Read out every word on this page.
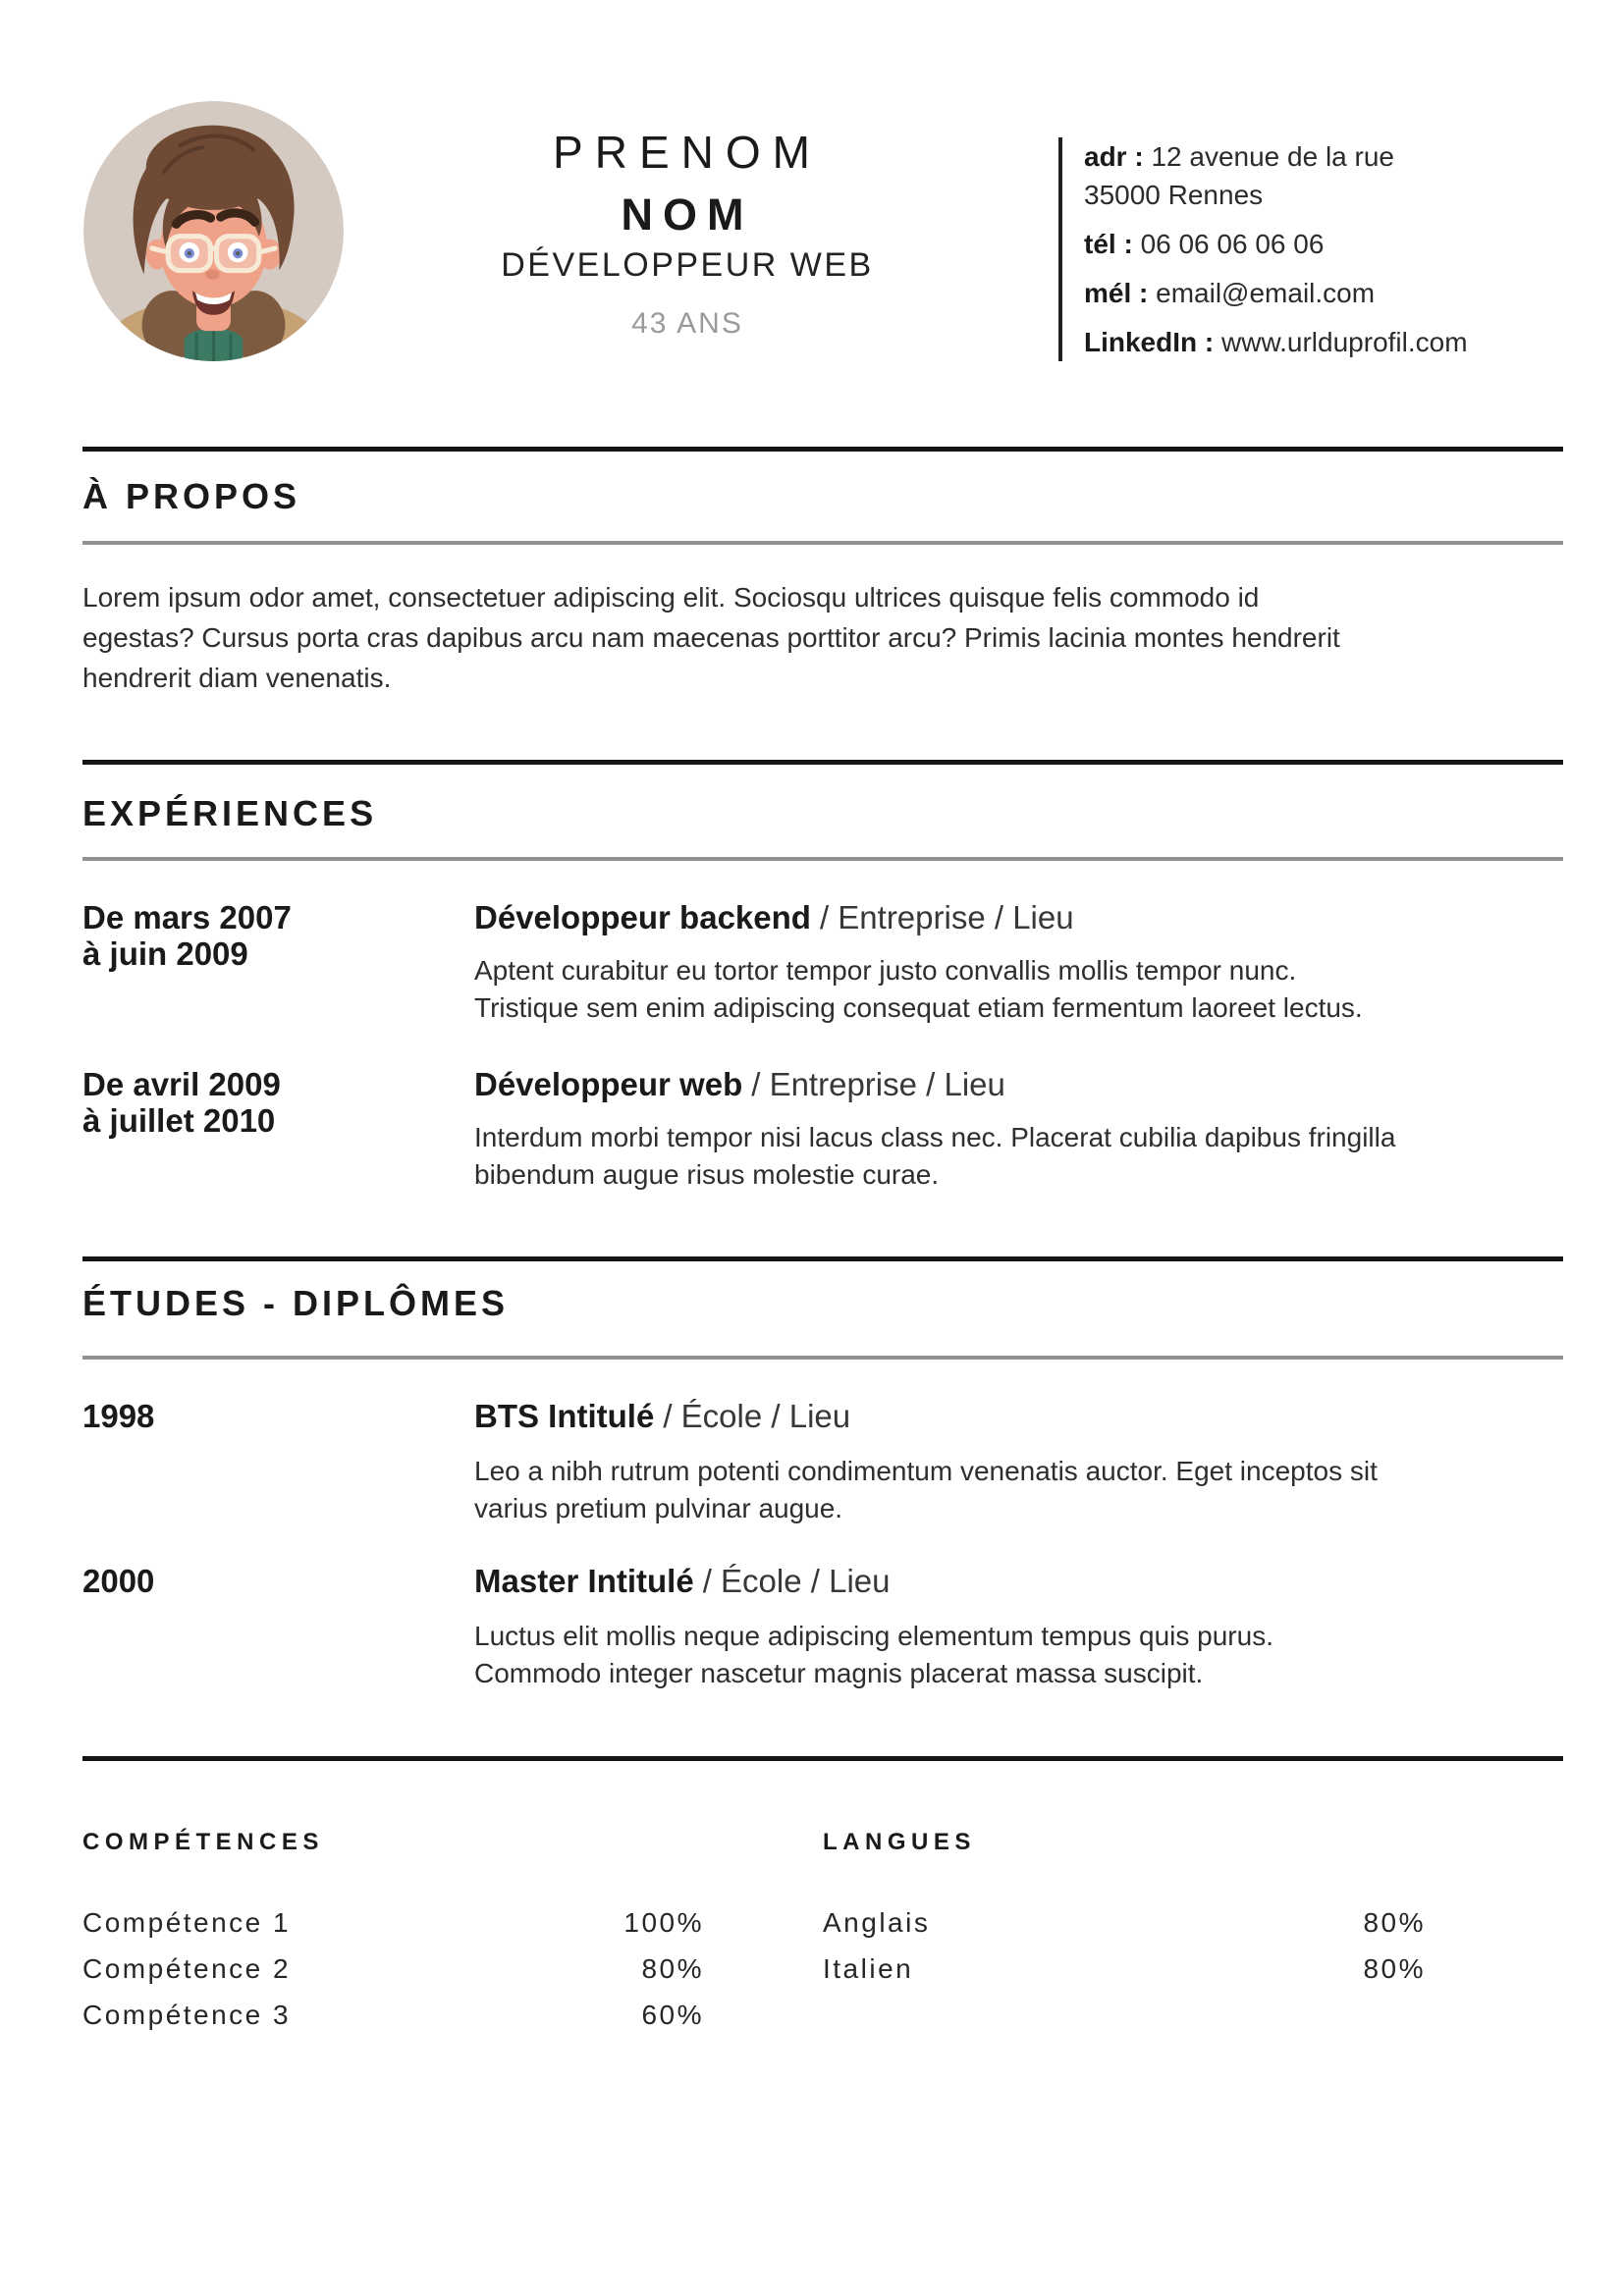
PRENOM
NOM
DÉVELOPPEUR WEB
43 ANS
adr : 12 avenue de la rue
35000 Rennes
tél : 06 06 06 06 06
mél : email@email.com
LinkedIn : www.urlduprofil.com
À PROPOS
Lorem ipsum odor amet, consectetuer adipiscing elit. Sociosqu ultrices quisque felis commodo id
egestas? Cursus porta cras dapibus arcu nam maecenas porttitor arcu? Primis lacinia montes hendrerit
hendrerit diam venenatis.
EXPÉRIENCES
De mars 2007
à juin 2009
Développeur backend / Entreprise / Lieu
Aptent curabitur eu tortor tempor justo convallis mollis tempor nunc.
Tristique sem enim adipiscing consequat etiam fermentum laoreet lectus.
De avril 2009
à juillet 2010
Développeur web / Entreprise / Lieu
Interdum morbi tempor nisi lacus class nec. Placerat cubilia dapibus fringilla
bibendum augue risus molestie curae.
ÉTUDES - DIPLÔMES
1998	BTS Intitulé / École / Lieu
Leo a nibh rutrum potenti condimentum venenatis auctor. Eget inceptos sit
varius pretium pulvinar augue.
2000	Master Intitulé / École / Lieu
Luctus elit mollis neque adipiscing elementum tempus quis purus.
Commodo integer nascetur magnis placerat massa suscipit.
COMPÉTENCES
Compétence 1	100%
Compétence 2	80%
Compétence 3	60%
LANGUES
Anglais	80%
Italien	80%
